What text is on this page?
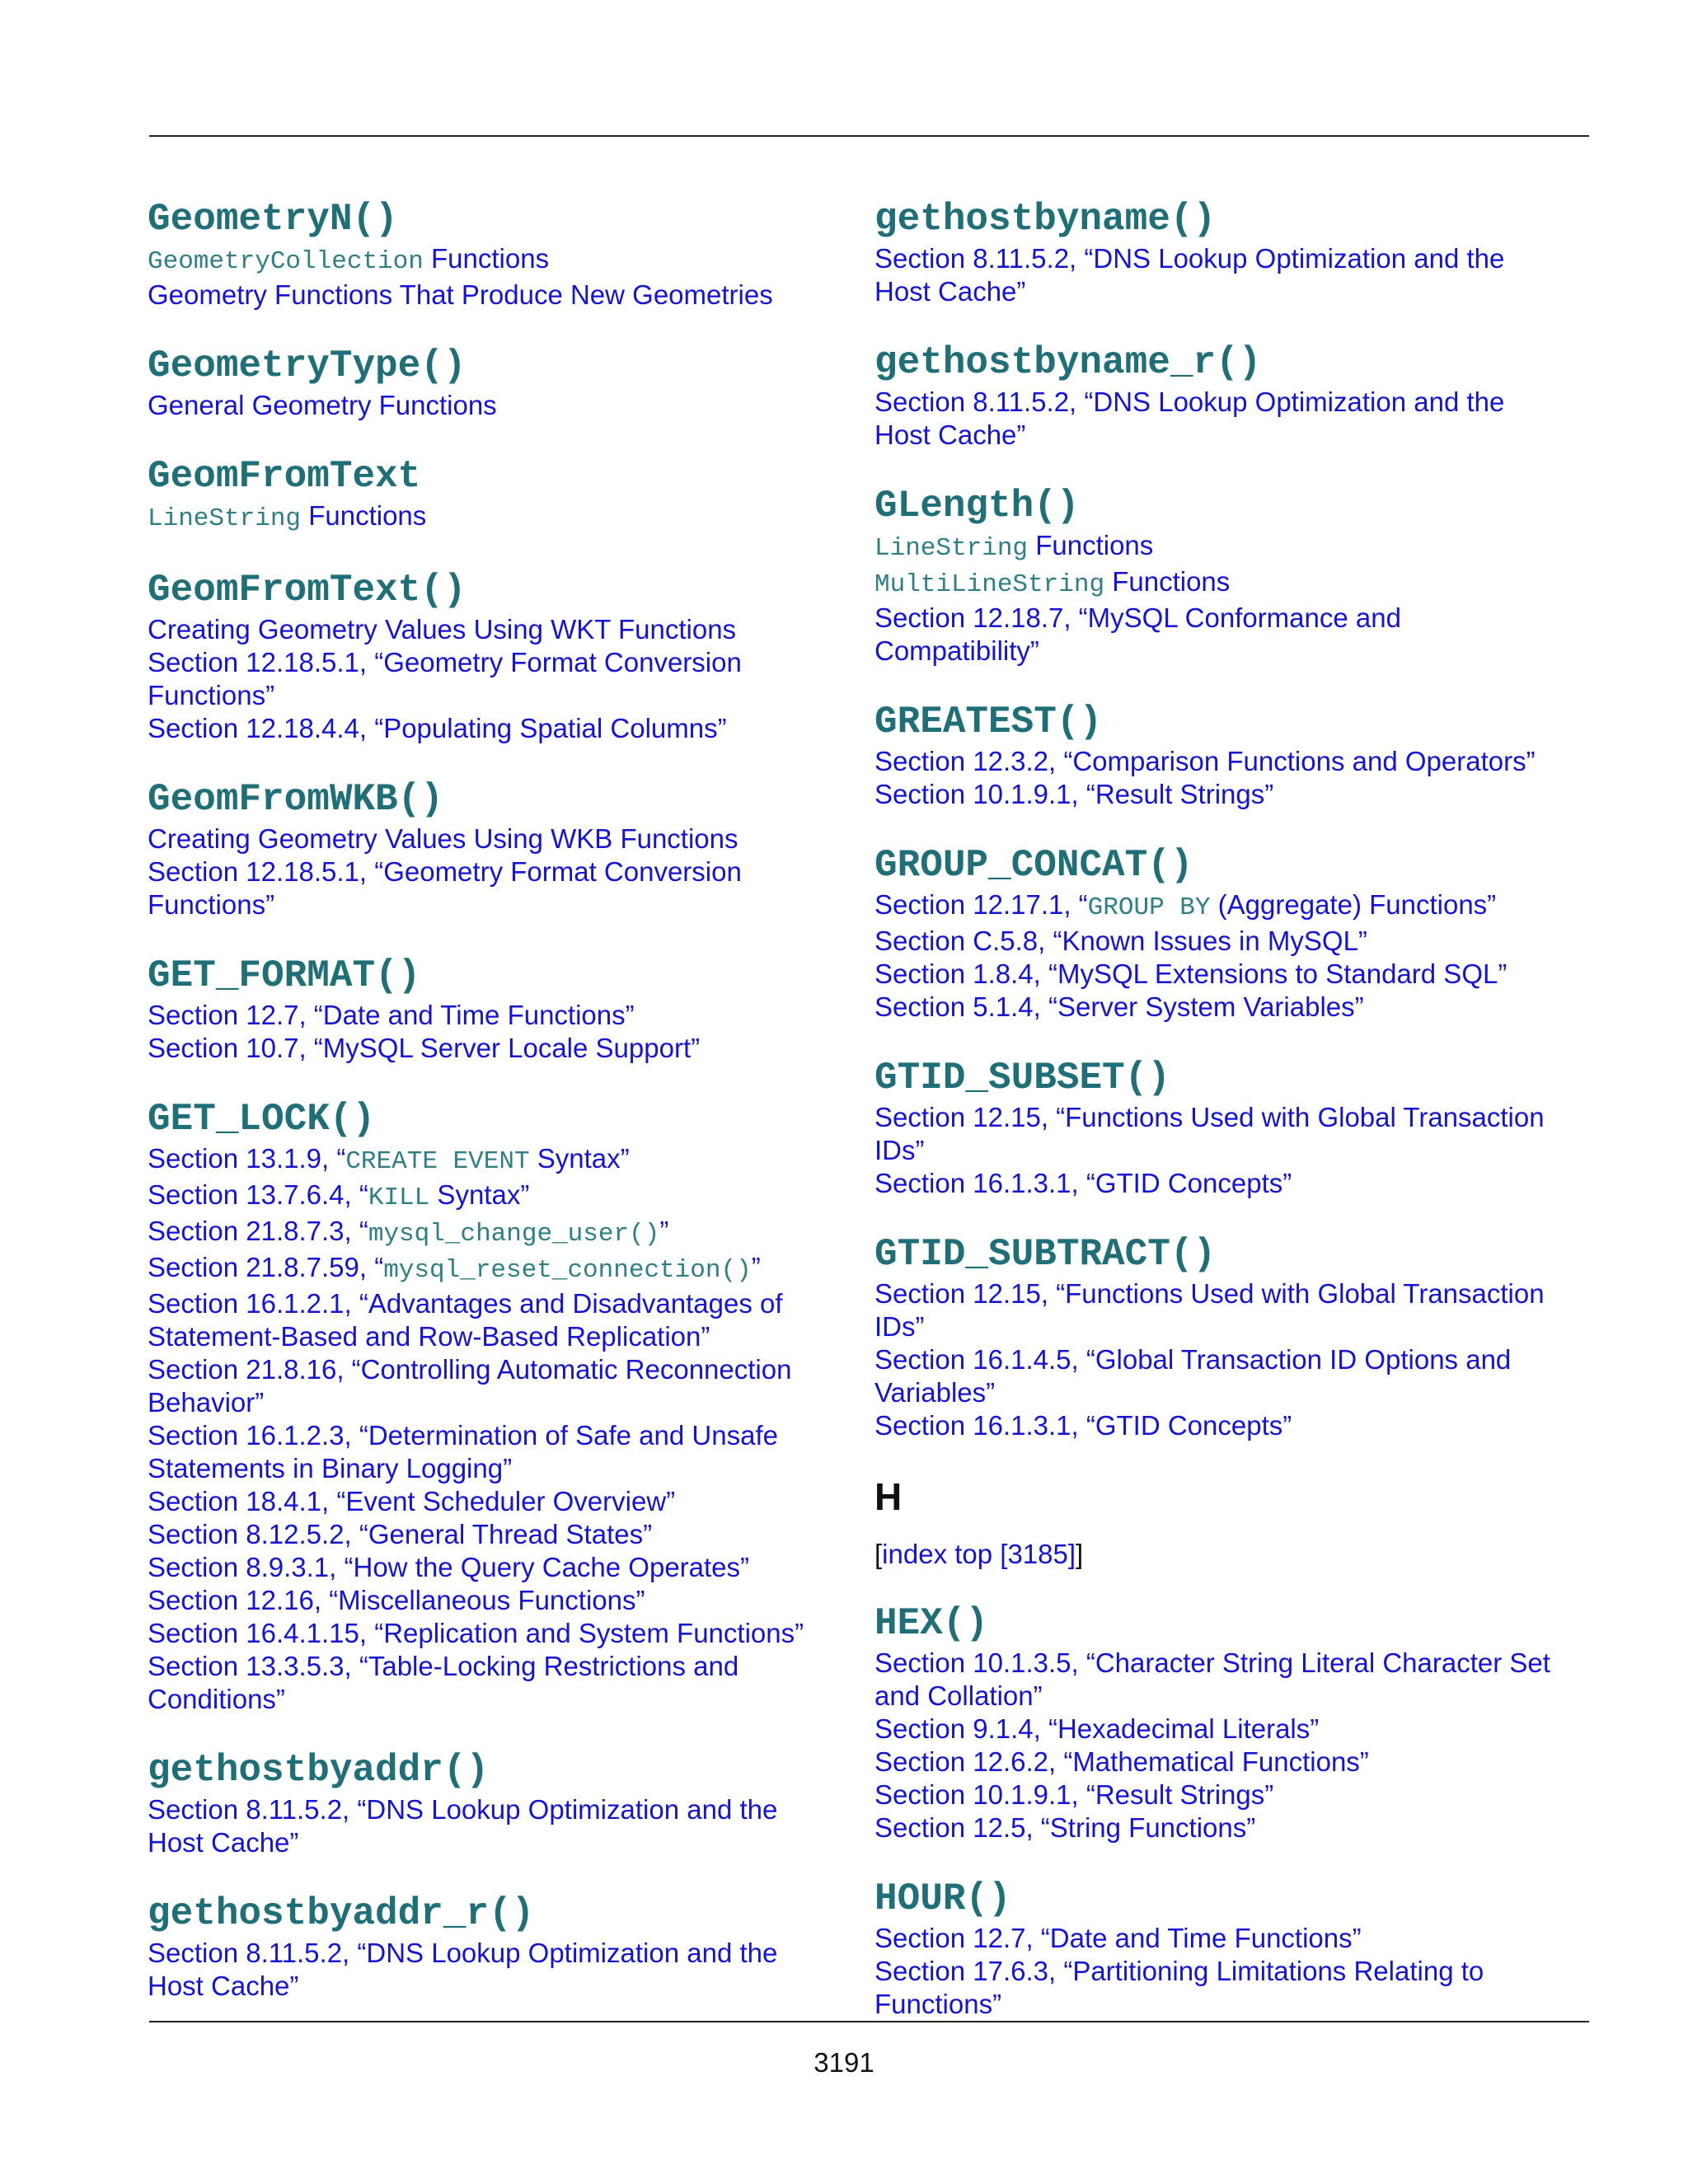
GeometryN()
GeometryCollection Functions
Geometry Functions That Produce New Geometries
GeometryType()
General Geometry Functions
GeomFromText
LineString Functions
GeomFromText()
Creating Geometry Values Using WKT Functions
Section 12.18.5.1, “Geometry Format Conversion Functions”
Section 12.18.4.4, “Populating Spatial Columns”
GeomFromWKB()
Creating Geometry Values Using WKB Functions
Section 12.18.5.1, “Geometry Format Conversion Functions”
GET_FORMAT()
Section 12.7, “Date and Time Functions”
Section 10.7, “MySQL Server Locale Support”
GET_LOCK()
Section 13.1.9, “CREATE EVENT Syntax”
Section 13.7.6.4, “KILL Syntax”
Section 21.8.7.3, “mysql_change_user()”
Section 21.8.7.59, “mysql_reset_connection()”
Section 16.1.2.1, “Advantages and Disadvantages of Statement-Based and Row-Based Replication”
Section 21.8.16, “Controlling Automatic Reconnection Behavior”
Section 16.1.2.3, “Determination of Safe and Unsafe Statements in Binary Logging”
Section 18.4.1, “Event Scheduler Overview”
Section 8.12.5.2, “General Thread States”
Section 8.9.3.1, “How the Query Cache Operates”
Section 12.16, “Miscellaneous Functions”
Section 16.4.1.15, “Replication and System Functions”
Section 13.3.5.3, “Table-Locking Restrictions and Conditions”
gethostbyaddr()
Section 8.11.5.2, “DNS Lookup Optimization and the Host Cache”
gethostbyaddr_r()
Section 8.11.5.2, “DNS Lookup Optimization and the Host Cache”
gethostbyname()
Section 8.11.5.2, “DNS Lookup Optimization and the Host Cache”
gethostbyname_r()
Section 8.11.5.2, “DNS Lookup Optimization and the Host Cache”
GLength()
LineString Functions
MultiLineString Functions
Section 12.18.7, “MySQL Conformance and Compatibility”
GREATEST()
Section 12.3.2, “Comparison Functions and Operators”
Section 10.1.9.1, “Result Strings”
GROUP_CONCAT()
Section 12.17.1, “GROUP BY (Aggregate) Functions”
Section C.5.8, “Known Issues in MySQL”
Section 1.8.4, “MySQL Extensions to Standard SQL”
Section 5.1.4, “Server System Variables”
GTID_SUBSET()
Section 12.15, “Functions Used with Global Transaction IDs”
Section 16.1.3.1, “GTID Concepts”
GTID_SUBTRACT()
Section 12.15, “Functions Used with Global Transaction IDs”
Section 16.1.4.5, “Global Transaction ID Options and Variables”
Section 16.1.3.1, “GTID Concepts”
H
[index top [3185]]
HEX()
Section 10.1.3.5, “Character String Literal Character Set and Collation”
Section 9.1.4, “Hexadecimal Literals”
Section 12.6.2, “Mathematical Functions”
Section 10.1.9.1, “Result Strings”
Section 12.5, “String Functions”
HOUR()
Section 12.7, “Date and Time Functions”
Section 17.6.3, “Partitioning Limitations Relating to Functions”
3191
